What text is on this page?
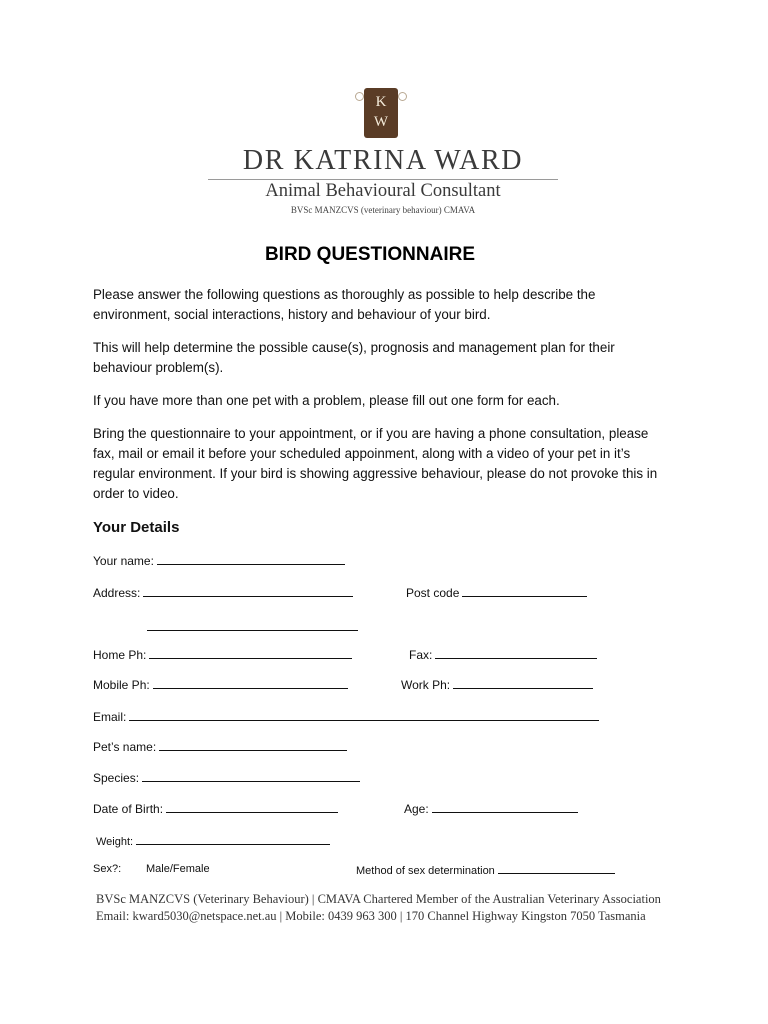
K
W
DR KATRINA WARD
Animal Behavioural Consultant
BVSc MANZCVS (veterinary behaviour) CMAVA
BIRD QUESTIONNAIRE
Please answer the following questions as thoroughly as possible to help describe the environment, social interactions, history and behaviour of your bird.
This will help determine the possible cause(s), prognosis and management plan for their behaviour problem(s).
If you have more than one pet with a problem, please fill out one form for each.
Bring the questionnaire to your appointment, or if you are having a phone consultation, please fax, mail or email it before your scheduled appoinment, along with a video of your pet in it’s regular environment. If your bird is showing aggressive behaviour, please do not provoke this in order to video.
Your Details
Your name:
Address:	Post code
Home Ph:	Fax:
Mobile Ph:	Work Ph:
Email:
Pet’s name:
Species:
Date of Birth:	Age:
Weight:
Sex?: Male/Female	Method of sex determination
BVSc MANZCVS (Veterinary Behaviour) | CMAVA Chartered Member of the Australian Veterinary Association
Email: kward5030@netspace.net.au | Mobile: 0439 963 300 | 170 Channel Highway Kingston 7050 Tasmania
